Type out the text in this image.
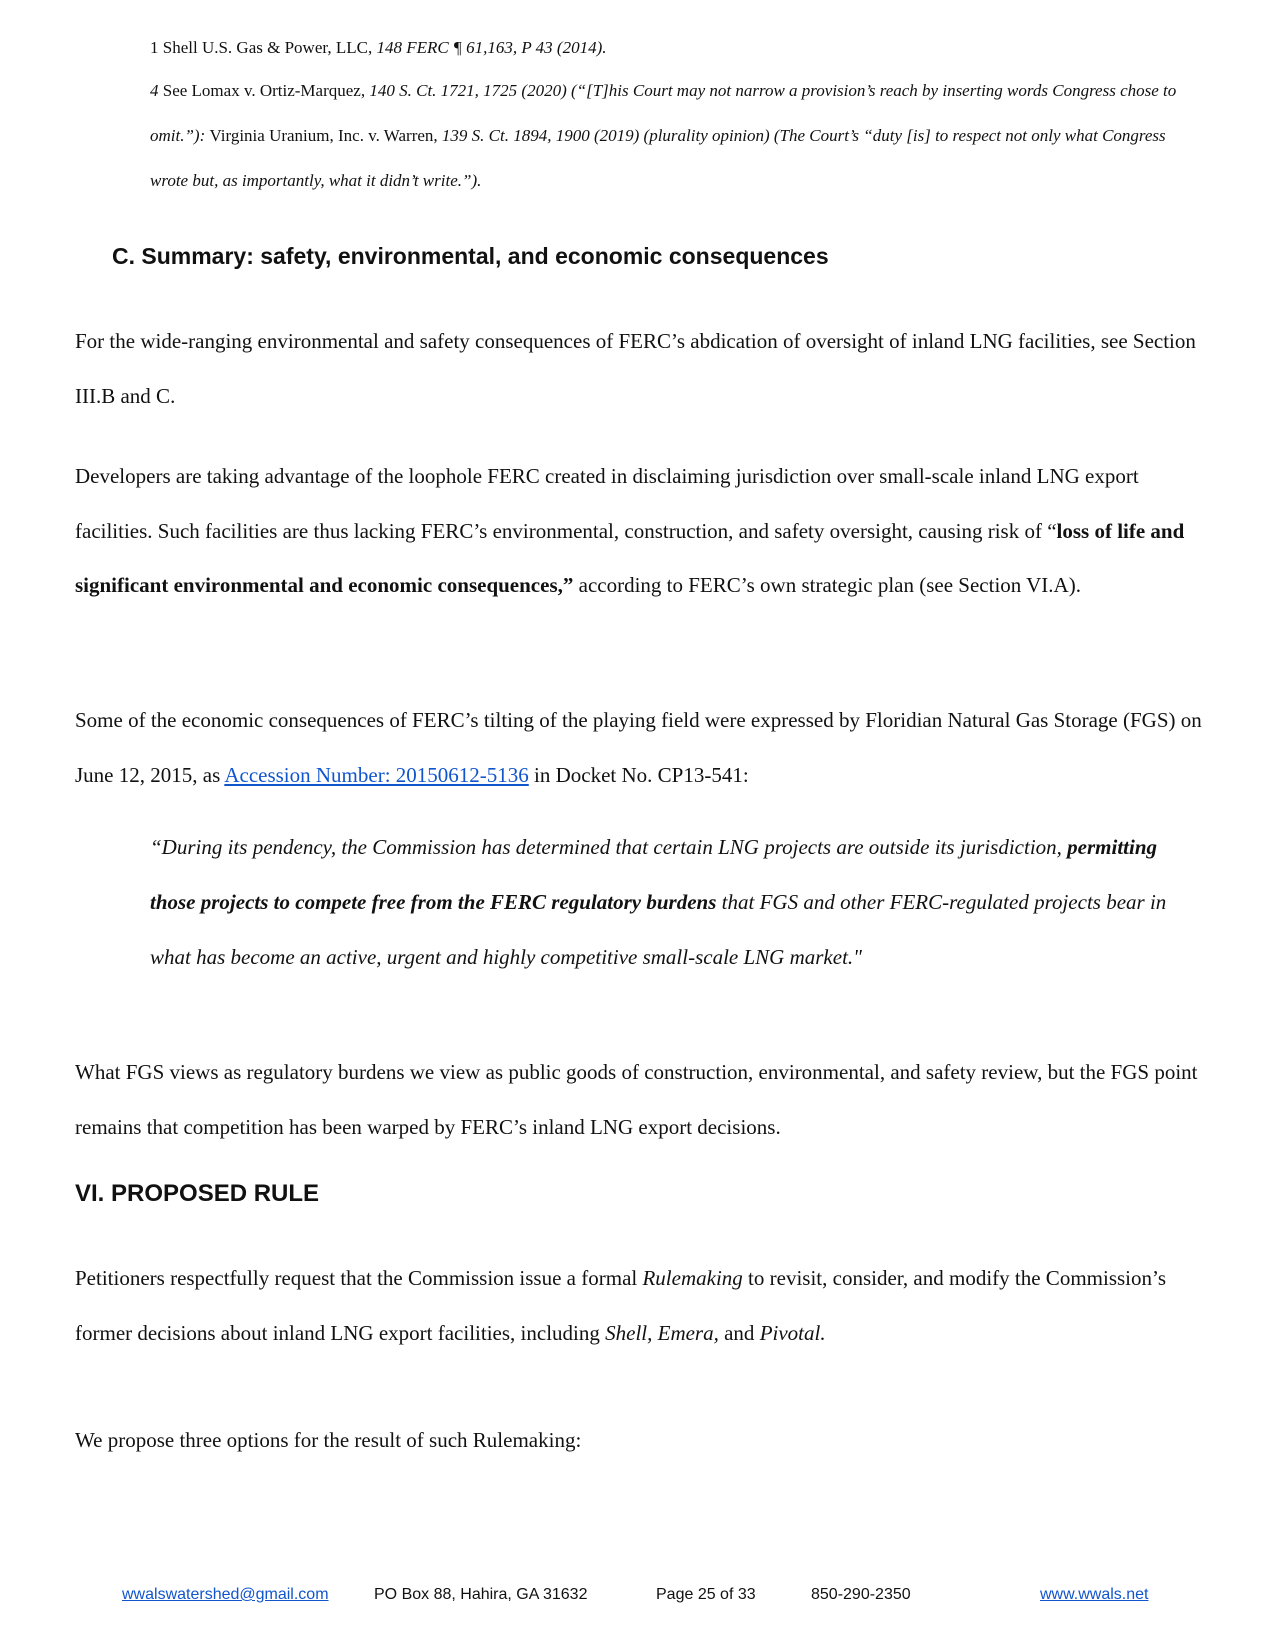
1 Shell U.S. Gas & Power, LLC, 148 FERC ¶ 61,163, P 43 (2014).
4 See Lomax v. Ortiz‑Marquez, 140 S. Ct. 1721, 1725 (2020) (“[T]his Court may not narrow a provision’s reach by inserting words Congress chose to omit.”): Virginia Uranium, Inc. v. Warren, 139 S. Ct. 1894, 1900 (2019) (plurality opinion) (The Court’s “duty [is] to respect not only what Congress wrote but, as importantly, what it didn’t write.”).
C. Summary: safety, environmental, and economic consequences
For the wide-ranging environmental and safety consequences of FERC’s abdication of oversight of inland LNG facilities, see Section III.B and C.
Developers are taking advantage of the loophole FERC created in disclaiming jurisdiction over small-scale inland LNG export facilities. Such facilities are thus lacking FERC’s environmental, construction, and safety oversight, causing risk of “loss of life and significant environmental and economic consequences,” according to FERC’s own strategic plan (see Section VI.A).
Some of the economic consequences of FERC’s tilting of the playing field were expressed by Floridian Natural Gas Storage (FGS) on June 12, 2015, as Accession Number: 20150612-5136 in Docket No. CP13-541:
“During its pendency, the Commission has determined that certain LNG projects are outside its jurisdiction, permitting those projects to compete free from the FERC regulatory burdens that FGS and other FERC-regulated projects bear in what has become an active, urgent and highly competitive small-scale LNG market."
What FGS views as regulatory burdens we view as public goods of construction, environmental, and safety review, but the FGS point remains that competition has been warped by FERC’s inland LNG export decisions.
VI. PROPOSED RULE
Petitioners respectfully request that the Commission issue a formal Rulemaking to revisit, consider, and modify the Commission’s former decisions about inland LNG export facilities, including Shell, Emera, and Pivotal.
We propose three options for the result of such Rulemaking:
wwalswatershed@gmail.com	PO Box 88, Hahira, GA 31632	Page 25 of 33	850-290-2350	www.wwals.net
